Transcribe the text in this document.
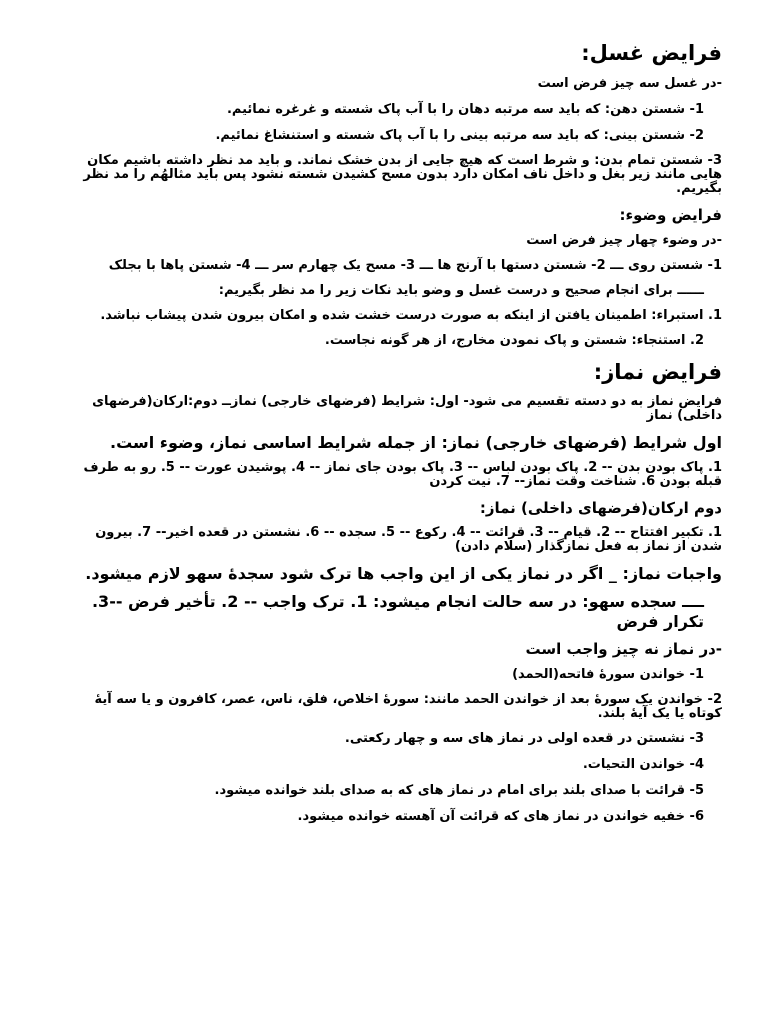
فرایض غسل:
-در غسل سه چیز فرض است
1- شستن دهن: که باید سه مرتبه دهان را با آب پاک شسته و غرغره نمائیم.
2- شستن بینی: که باید سه مرتبه بینی را با آب پاک شسته و استنشاغ نمائیم.
3- شستن تمام بدن: و شرط است که هیچ جایی از بدن خشک نماند. و باید مد نظر داشته باشیم مکان هایی مانند زیر بغل و داخل ناف امکان دارد بدون مسح کشیدن شسته نشود پس باید مثالهُم را مد نظر بگیریم.
فرایض وضوء:
-در وضوء چهار چیز فرض است
1- شستن روی ـــ 2- شستن دستها با آرنج ها ـــ 3- مسح یک چهارم سر ـــ 4- شستن پاها با بجلک
ــــــ برای انجام صحیح و درست غسل و وضو باید نکات زیر را مد نظر بگیریم:
1. استبراء: اطمینان یافتن از اینکه به صورت درست خشت شده و امکان بیرون شدن پیشاب نباشد.
2. استنجاء: شستن و پاک نمودن مخارج، از هر گونه نجاست.
فرایض نماز:
فرایض نماز به دو دسته تقسیم می شود- اول: شرایط (فرضهای خارجی) نمازــ دوم:ارکان(فرضهای داخلی) نماز
اول شرایط (فرضهای خارجی) نماز: از جمله شرایط اساسی نماز، وضوء است.
1. پاک بودن بدن -- 2. پاک بودن لباس -- 3. پاک بودن جای نماز -- 4. پوشیدن عورت -- 5. رو به طرف قبله بودن 6. شناخت وقت نماز-- 7. نیت کردن
دوم ارکان(فرضهای داخلی) نماز:
1. تکبیر افتتاح -- 2. قیام -- 3. قرائت -- 4. رکوع -- 5. سجده -- 6. نشستن در قعده اخیر-- 7. بیرون شدن از نماز به فعل نمازگذار (سلام دادن)
واجبات نماز: _ اگر در نماز یکی از این واجب ها ترک شود سجدۀ سهو لازم میشود.
ــــ سجده سهو: در سه حالت انجام میشود: 1. ترک واجب -- 2. تأخیر فرض --3. تکرار فرض
-در نماز نه چیز واجب است
1- خواندن سورۀ فاتحه(الحمد)
2- خواندن یک سورۀ بعد از خواندن الحمد مانند: سورۀ اخلاص، فلق، ناس، عصر، کافرون و یا سه آیۀ کوتاه یا یک آیۀ بلند.
3- نشستن در قعده اولی در نماز های سه و چهار رکعتی.
4- خواندن التحیات.
5- قرائت با صدای بلند برای امام در نماز های که به صدای بلند خوانده میشود.
6- خفیه خواندن در نماز های که قرائت آن آهسته خوانده میشود.
